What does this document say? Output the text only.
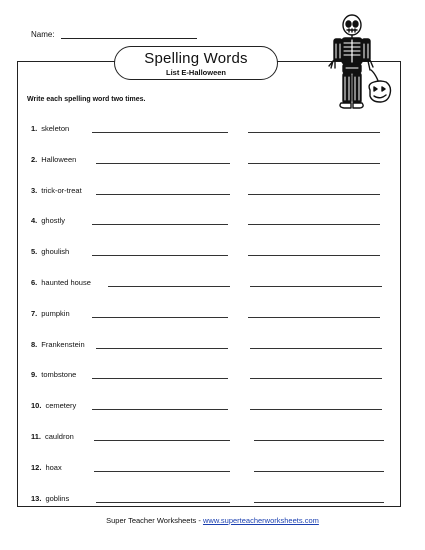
Name:
Spelling Words
List E-Halloween
Write each spelling word two times.
1. skeleton
2. Halloween
3. trick-or-treat
4. ghostly
5. ghoulish
6. haunted house
7. pumpkin
8. Frankenstein
9. tombstone
10. cemetery
11. cauldron
12. hoax
13. goblins
Super Teacher Worksheets - www.superteacherworksheets.com
